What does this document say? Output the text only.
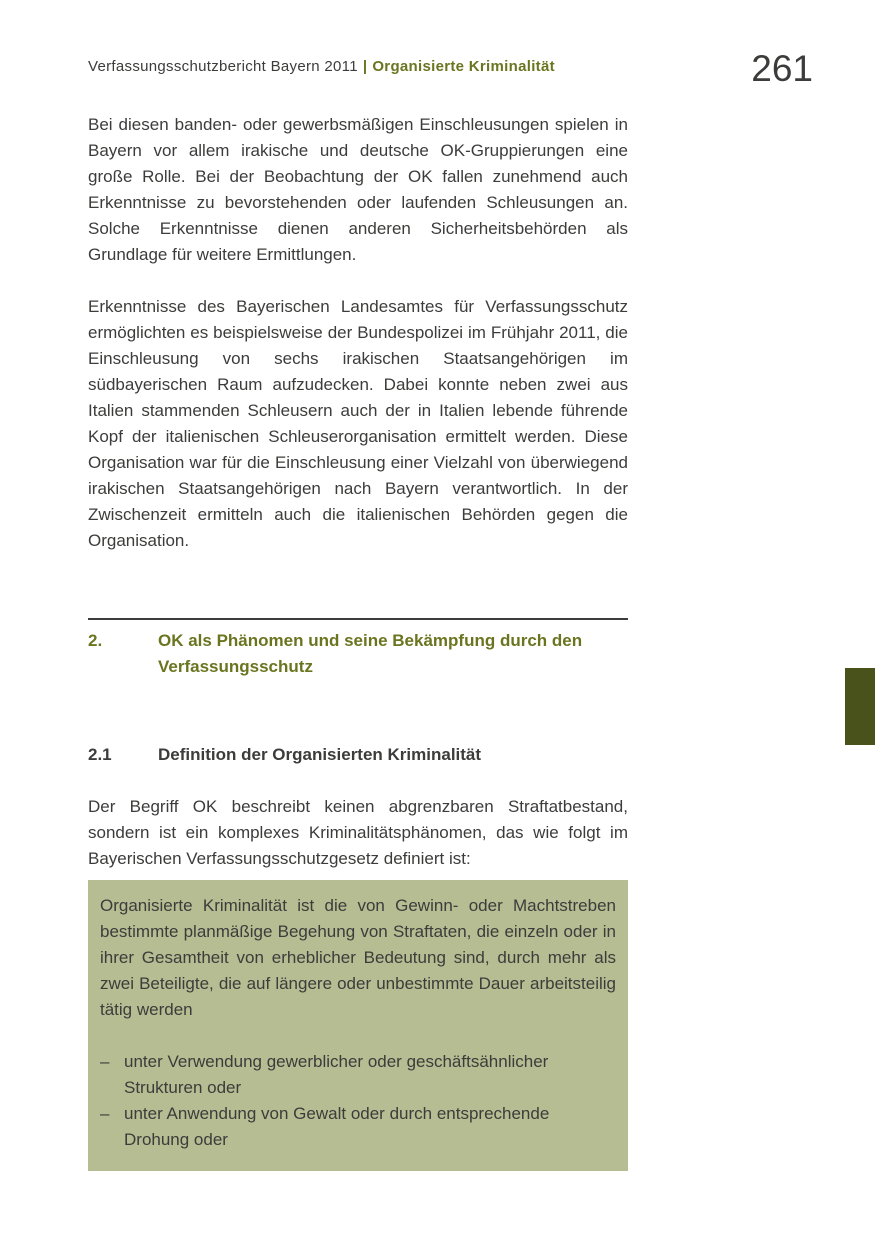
Verfassungsschutzbericht Bayern 2011 | Organisierte Kriminalität	261

Bei diesen banden- oder gewerbsmäßigen Einschleusungen spielen in Bayern vor allem irakische und deutsche OK-Gruppierungen eine große Rolle. Bei der Beobachtung der OK fallen zunehmend auch Erkenntnisse zu bevorstehenden oder laufenden Schleusungen an. Solche Erkenntnisse dienen anderen Sicherheitsbehörden als Grundlage für weitere Ermittlungen.

Erkenntnisse des Bayerischen Landesamtes für Verfassungsschutz ermöglichten es beispielsweise der Bundespolizei im Frühjahr 2011, die Einschleusung von sechs irakischen Staatsangehörigen im südbayerischen Raum aufzudecken. Dabei konnte neben zwei aus Italien stammenden Schleusern auch der in Italien lebende führende Kopf der italienischen Schleuserorganisation ermittelt werden. Diese Organisation war für die Einschleusung einer Vielzahl von überwiegend irakischen Staatsangehörigen nach Bayern verantwortlich. In der Zwischenzeit ermitteln auch die italienischen Behörden gegen die Organisation.

2.	OK als Phänomen und seine Bekämpfung durch den Verfassungsschutz
2.1	Definition der Organisierten Kriminalität

Der Begriff OK beschreibt keinen abgrenzbaren Straftatbestand, sondern ist ein komplexes Kriminalitätsphänomen, das wie folgt im Bayerischen Verfassungsschutzgesetz definiert ist:

Organisierte Kriminalität ist die von Gewinn- oder Machtstreben bestimmte planmäßige Begehung von Straftaten, die einzeln oder in ihrer Gesamtheit von erheblicher Bedeutung sind, durch mehr als zwei Beteiligte, die auf längere oder unbestimmte Dauer arbeitsteilig tätig werden

– unter Verwendung gewerblicher oder geschäftsähnlicher Strukturen oder
– unter Anwendung von Gewalt oder durch entsprechende Drohung oder
